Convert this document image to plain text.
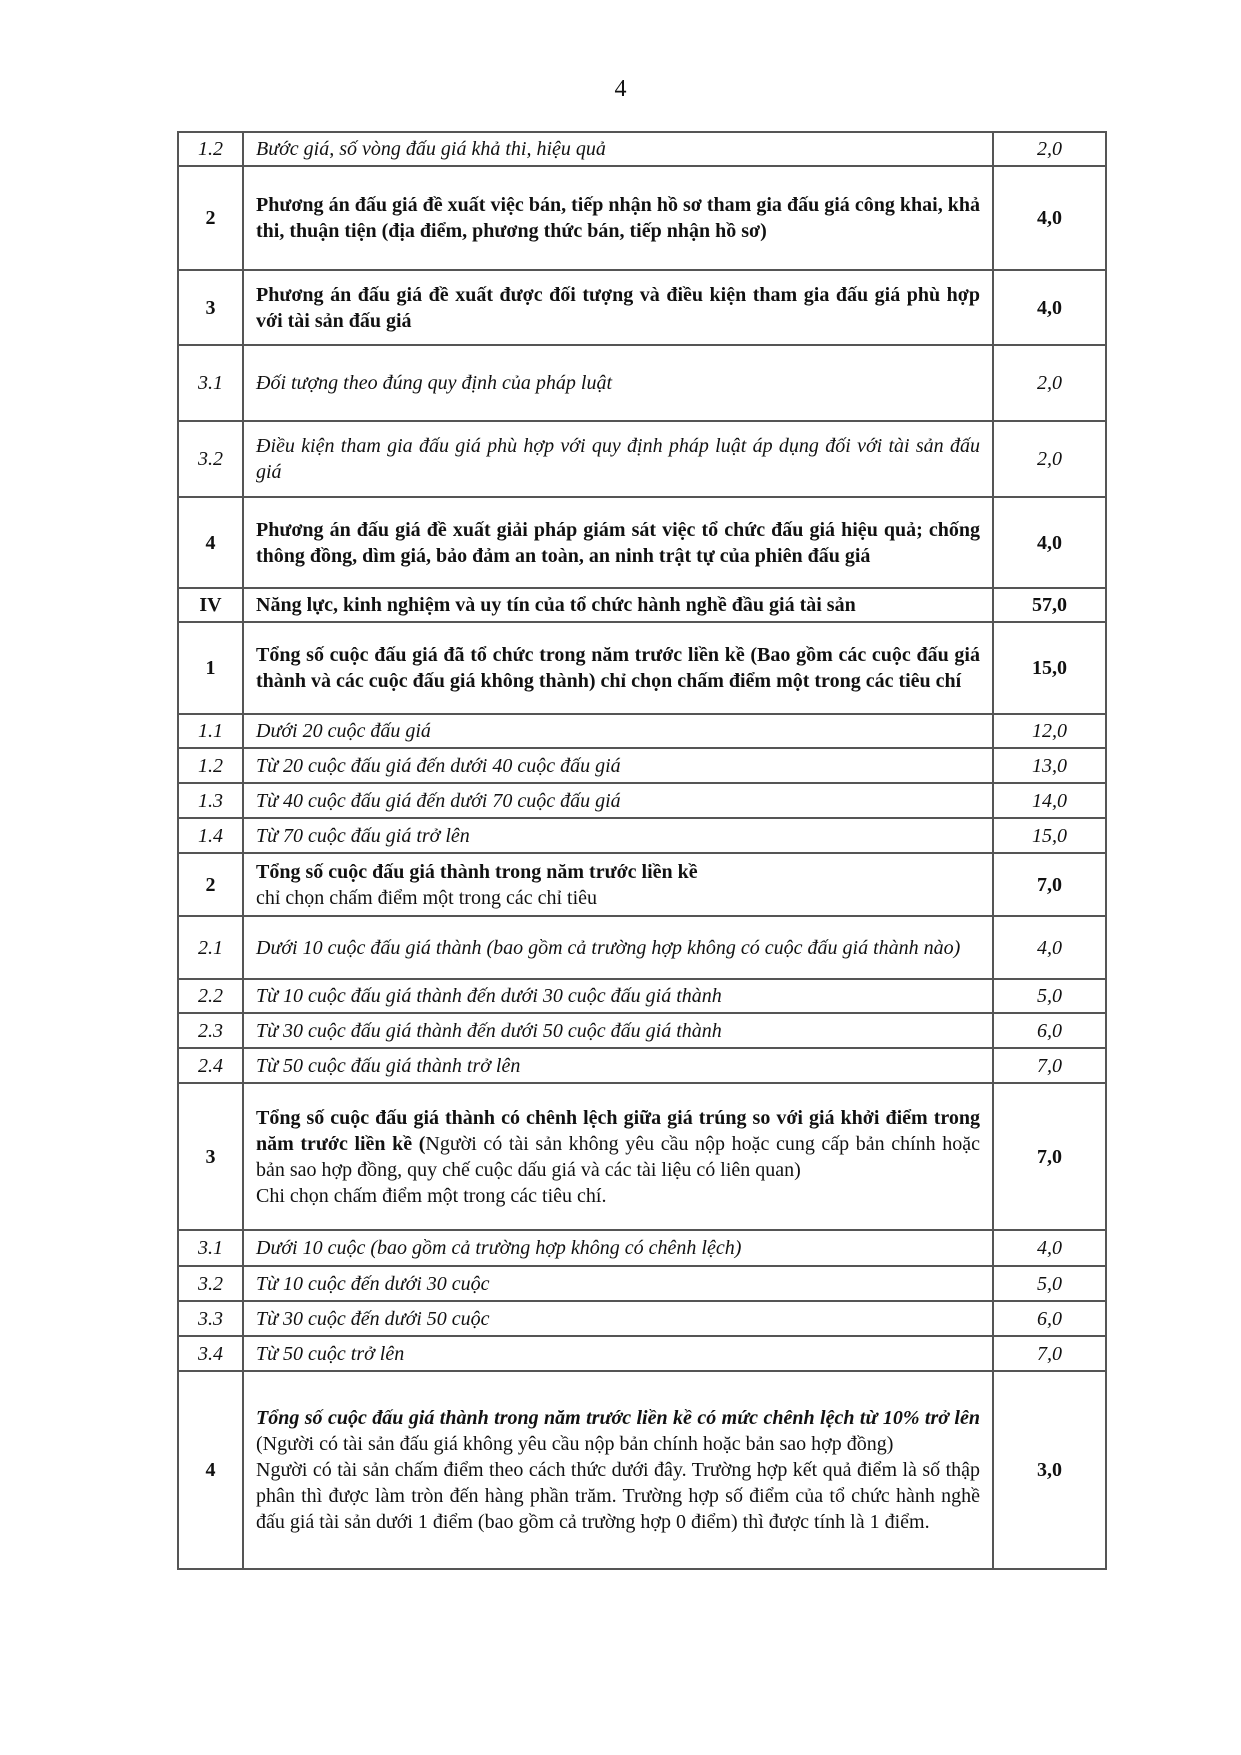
4
1.2	Bước giá, số vòng đấu giá khả thi, hiệu quả	2,0
2	Phương án đấu giá đề xuất việc bán, tiếp nhận hồ sơ tham gia đấu giá công khai, khả thi, thuận tiện (địa điểm, phương thức bán, tiếp nhận hồ sơ)	4,0
3	Phương án đấu giá đề xuất được đối tượng và điều kiện tham gia đấu giá phù hợp với tài sản đấu giá	4,0
3.1	Đối tượng theo đúng quy định của pháp luật	2,0
3.2	Điều kiện tham gia đấu giá phù hợp với quy định pháp luật áp dụng đối với tài sản đấu giá	2,0
4	Phương án đấu giá đề xuất giải pháp giám sát việc tổ chức đấu giá hiệu quả; chống thông đồng, dìm giá, bảo đảm an toàn, an ninh trật tự của phiên đấu giá	4,0
IV	Năng lực, kinh nghiệm và uy tín của tổ chức hành nghề đầu giá tài sản	57,0
1	Tổng số cuộc đấu giá đã tổ chức trong năm trước liền kề (Bao gồm các cuộc đấu giá thành và các cuộc đấu giá không thành) chỉ chọn chấm điểm một trong các tiêu chí	15,0
1.1	Dưới 20 cuộc đấu giá	12,0
1.2	Từ 20 cuộc đấu giá đến dưới 40 cuộc đấu giá	13,0
1.3	Từ 40 cuộc đấu giá đến dưới 70 cuộc đấu giá	14,0
1.4	Từ 70 cuộc đấu giá trở lên	15,0
2	Tổng số cuộc đấu giá thành trong năm trước liền kề
chỉ chọn chấm điểm một trong các chỉ tiêu	7,0
2.1	Dưới 10 cuộc đấu giá thành (bao gồm cả trường hợp không có cuộc đấu giá thành nào)	4,0
2.2	Từ 10 cuộc đấu giá thành đến dưới 30 cuộc đấu giá thành	5,0
2.3	Từ 30 cuộc đấu giá thành đến dưới 50 cuộc đấu giá thành	6,0
2.4	Từ 50 cuộc đấu giá thành trở lên	7,0
3	Tổng số cuộc đấu giá thành có chênh lệch giữa giá trúng so với giá khởi điểm trong năm trước liền kề (Người có tài sản không yêu cầu nộp hoặc cung cấp bản chính hoặc bản sao hợp đồng, quy chế cuộc dấu giá và các tài liệu có liên quan)
Chi chọn chấm điểm một trong các tiêu chí.	7,0
3.1	Dưới 10 cuộc (bao gồm cả trường hợp không có chênh lệch)	4,0
3.2	Từ 10 cuộc đến dưới 30 cuộc	5,0
3.3	Từ 30 cuộc đến dưới 50 cuộc	6,0
3.4	Từ 50 cuộc trở lên	7,0
4	Tổng số cuộc đấu giá thành trong năm trước liền kề có mức chênh lệch từ 10% trở lên (Người có tài sản đấu giá không yêu cầu nộp bản chính hoặc bản sao hợp đồng)
Người có tài sản chấm điểm theo cách thức dưới đây. Trường hợp kết quả điểm là số thập phân thì được làm tròn đến hàng phần trăm. Trường hợp số điểm của tổ chức hành nghề đấu giá tài sản dưới 1 điểm (bao gồm cả trường hợp 0 điểm) thì được tính là 1 điểm.	3,0
